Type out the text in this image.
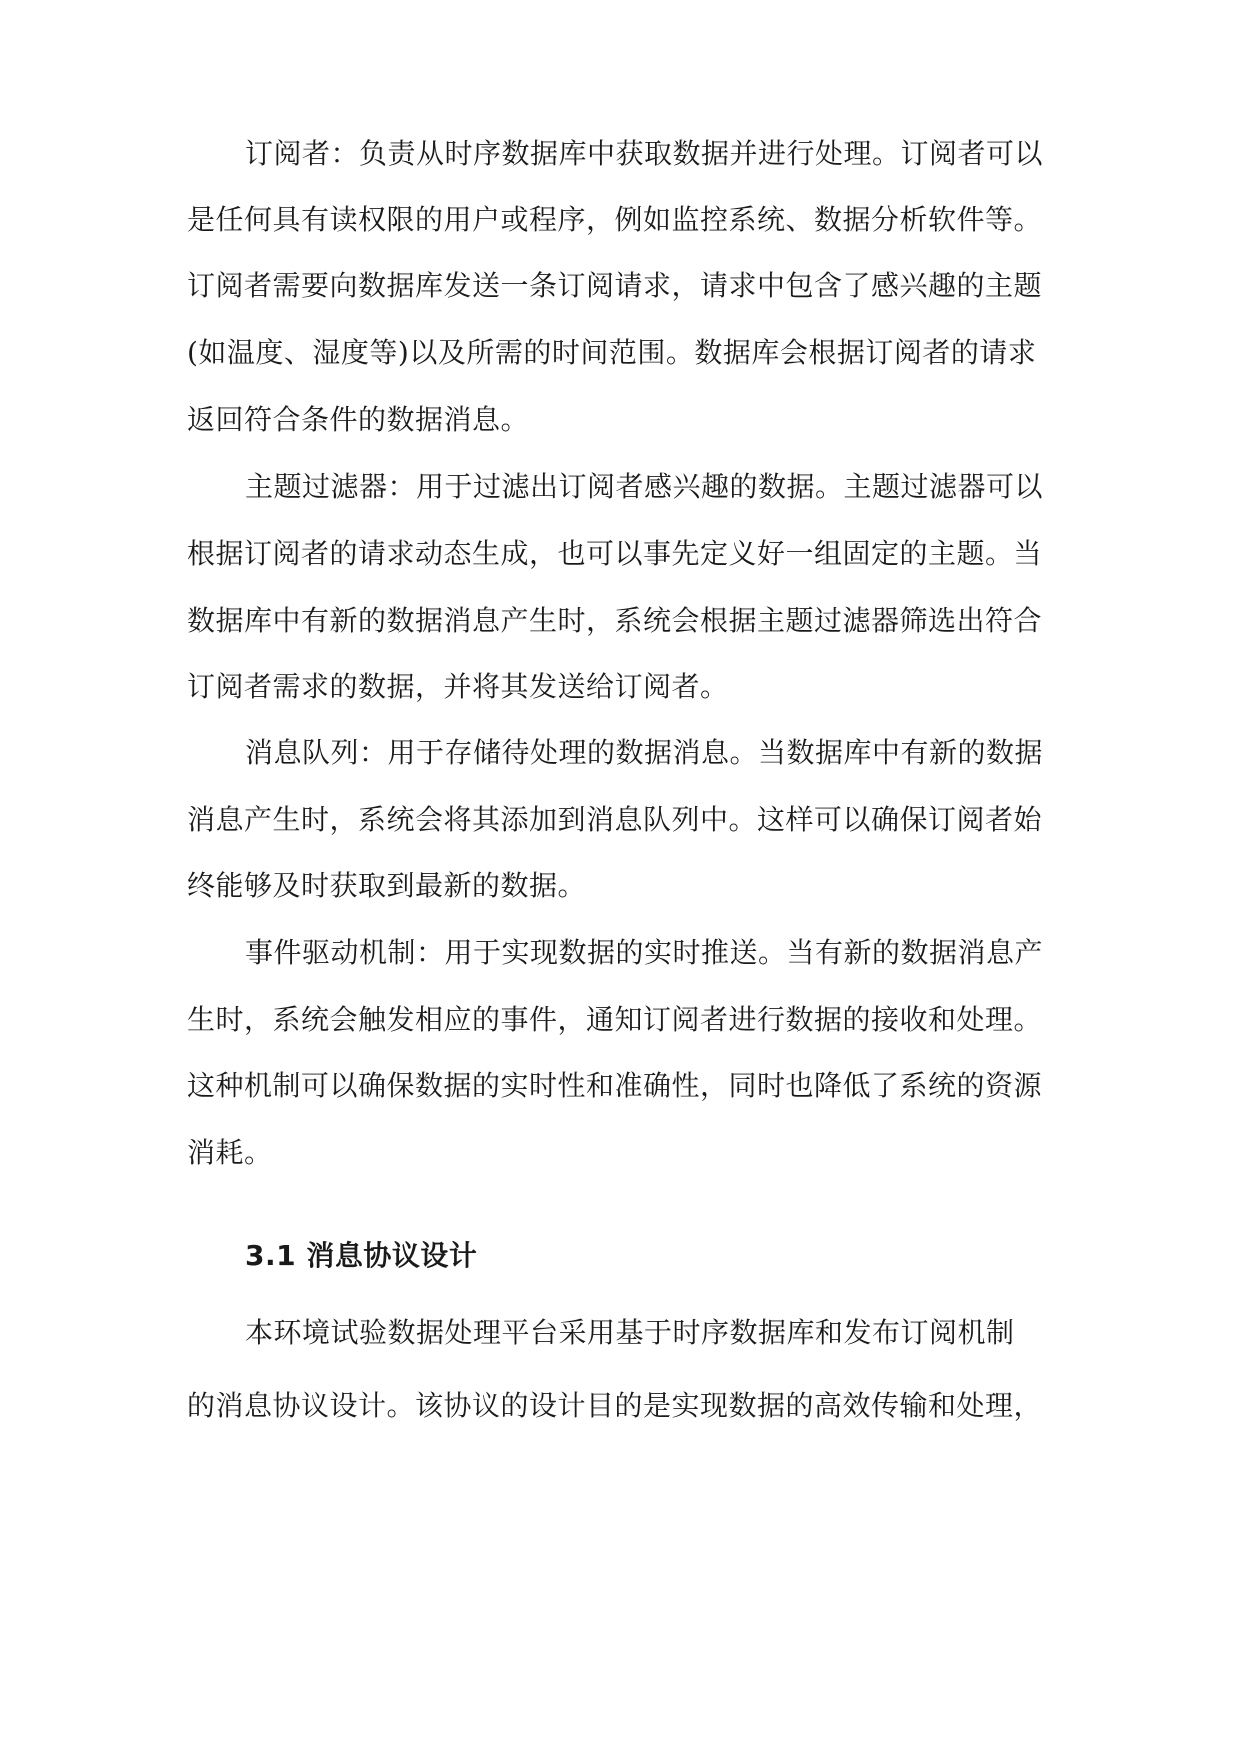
订阅者：负责从时序数据库中获取数据并进行处理。订阅者可以
是任何具有读权限的用户或程序，例如监控系统、数据分析软件等。
订阅者需要向数据库发送一条订阅请求，请求中包含了感兴趣的主题
(如温度、湿度等)以及所需的时间范围。数据库会根据订阅者的请求
返回符合条件的数据消息。
主题过滤器：用于过滤出订阅者感兴趣的数据。主题过滤器可以
根据订阅者的请求动态生成，也可以事先定义好一组固定的主题。当
数据库中有新的数据消息产生时，系统会根据主题过滤器筛选出符合
订阅者需求的数据，并将其发送给订阅者。
消息队列：用于存储待处理的数据消息。当数据库中有新的数据
消息产生时，系统会将其添加到消息队列中。这样可以确保订阅者始
终能够及时获取到最新的数据。
事件驱动机制：用于实现数据的实时推送。当有新的数据消息产
生时，系统会触发相应的事件，通知订阅者进行数据的接收和处理。
这种机制可以确保数据的实时性和准确性，同时也降低了系统的资源
消耗。
3.1 消息协议设计
本环境试验数据处理平台采用基于时序数据库和发布订阅机制
的消息协议设计。该协议的设计目的是实现数据的高效传输和处理，
